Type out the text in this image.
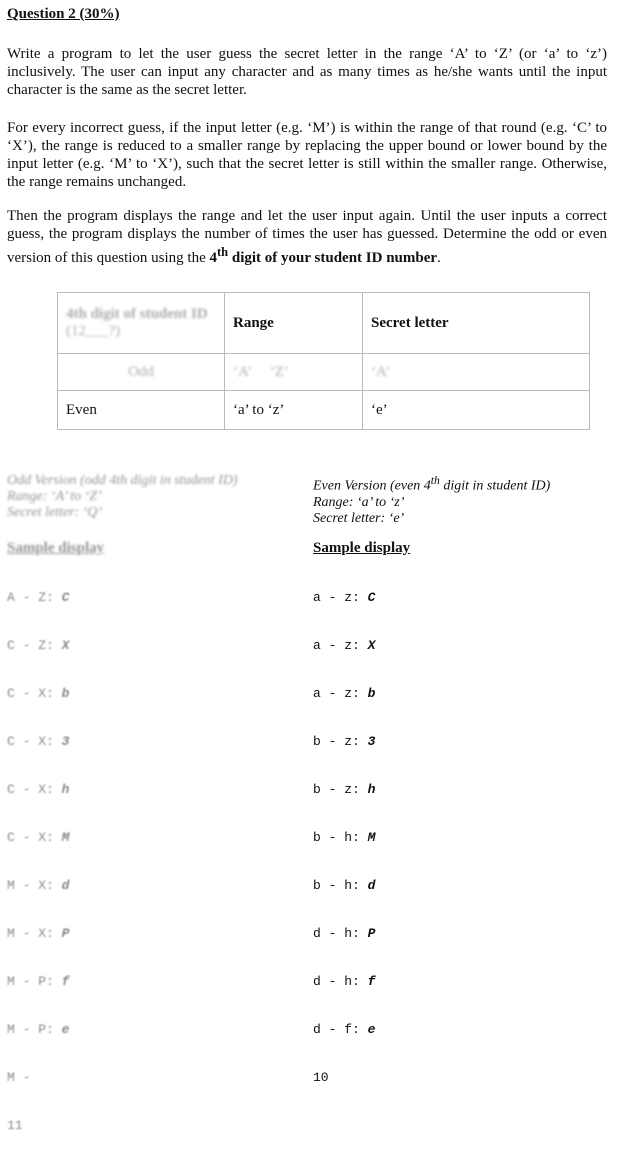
Question 2 (30%)
Write a program to let the user guess the secret letter in the range ‘A’ to ‘Z’ (or ‘a’ to ‘z’) inclusively. The user can input any character and as many times as he/she wants until the input character is the same as the secret letter.
For every incorrect guess, if the input letter (e.g. ‘M’) is within the range of that round (e.g. ‘C’ to ‘X’), the range is reduced to a smaller range by replacing the upper bound or lower bound by the input letter (e.g. ‘M’ to ‘X’), such that the secret letter is still within the smaller range. Otherwise, the range remains unchanged.
Then the program displays the range and let the user input again. Until the user inputs a correct guess, the program displays the number of times the user has guessed. Determine the odd or even version of this question using the 4th digit of your student ID number.
4th digit of student ID
(12___?)	Range	Secret letter
Odd	‘A’ ‘Z’	‘A’
Even	‘a’ to ‘z’	‘e’
Odd Version (odd 4th digit in student ID)
Range: ‘A’ to ‘Z’
Secret letter: ‘Q’
Even Version (even 4th digit in student ID)
Range: ‘a’ to ‘z’
Secret letter: ‘e’
Sample display	Sample display

A - Z: C

C - Z: X

C - X: b

C - X: 3

C - X: h

C - X: M

M - X: d

M - X: P

M - P: f

M - P: e

M -

11

a - z: C

a - z: X

a - z: b

b - z: 3

b - z: h

b - h: M

b - h: d

d - h: P

d - h: f

d - f: e

10
